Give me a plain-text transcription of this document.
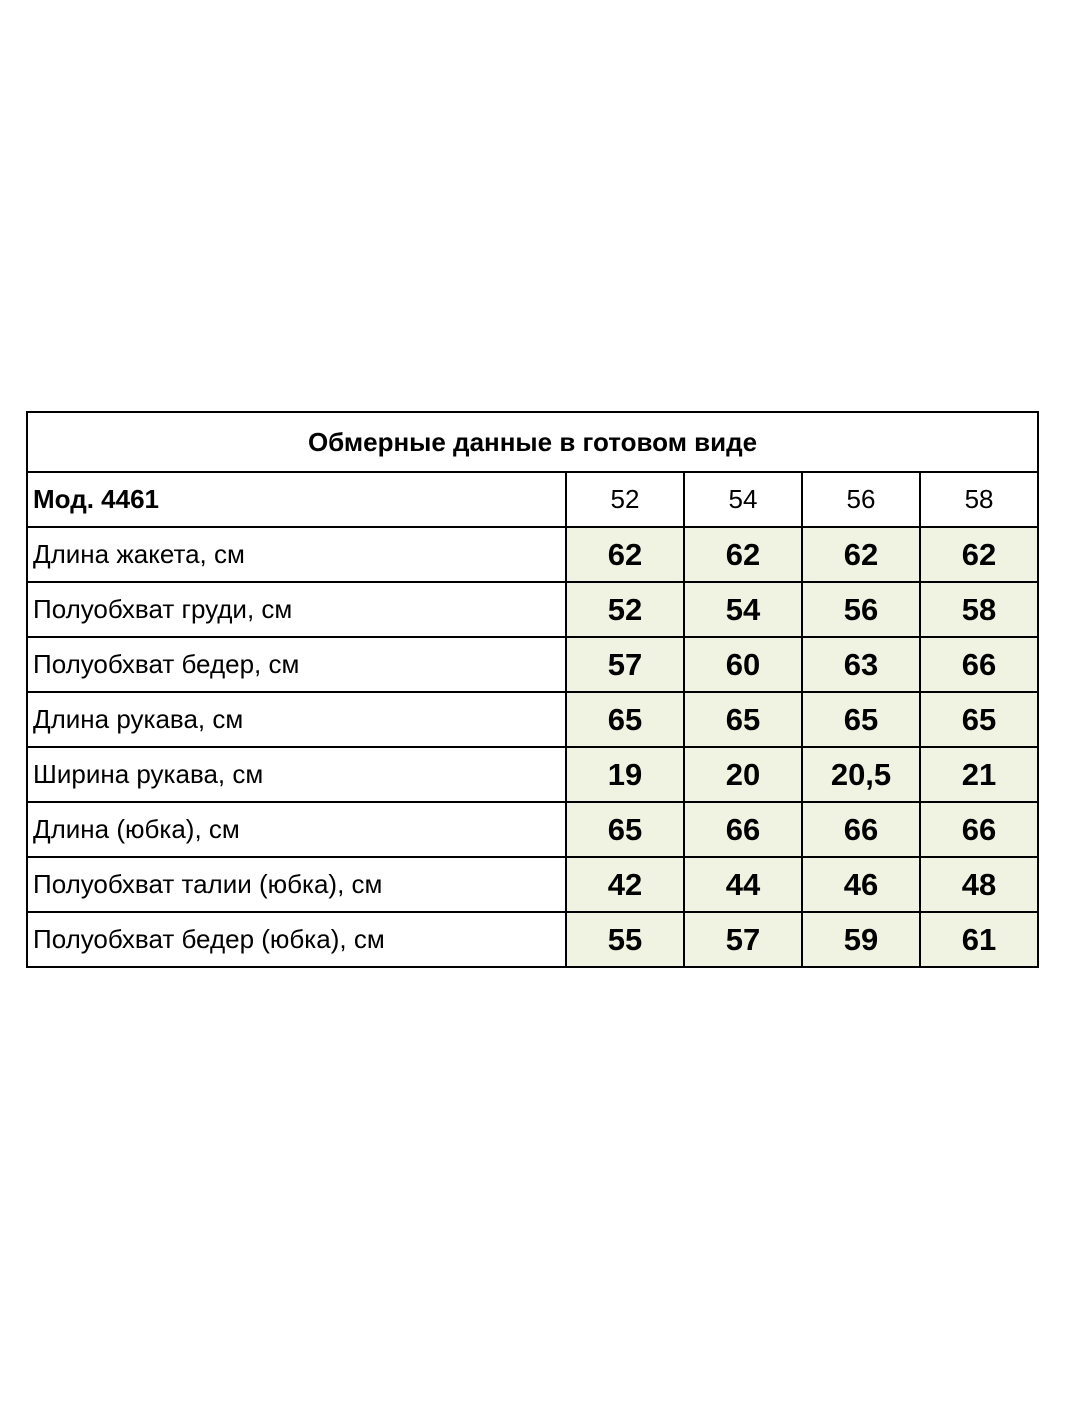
Обмерные данные в готовом виде				
Мод. 4461	52	54	56	58
Длина жакета, см	62	62	62	62
Полуобхват груди, см	52	54	56	58
Полуобхват бедер, см	57	60	63	66
Длина рукава, см	65	65	65	65
Ширина рукава, см	19	20	20,5	21
Длина (юбка), см	65	66	66	66
Полуобхват талии (юбка), см	42	44	46	48
Полуобхват бедер (юбка), см	55	57	59	61
